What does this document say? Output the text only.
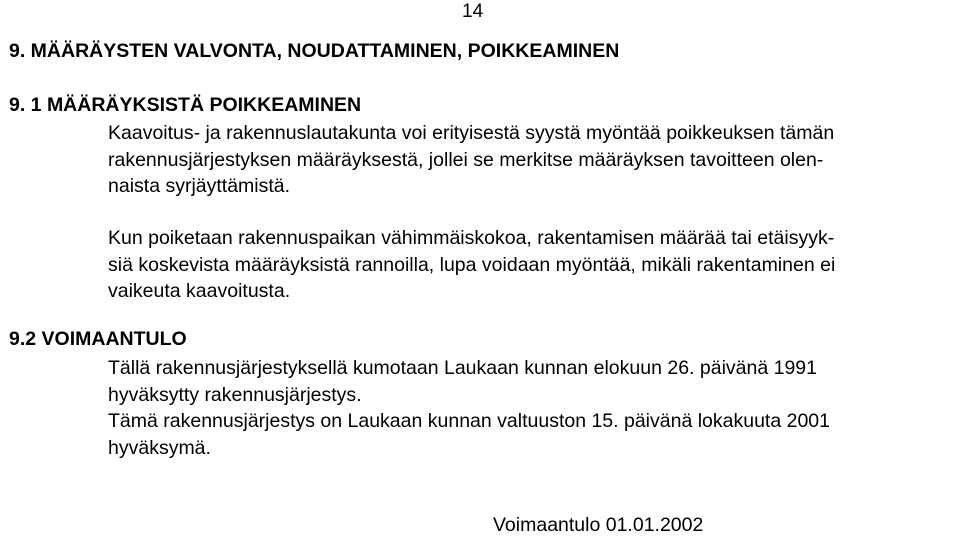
14
9. MÄÄRÄYSTEN VALVONTA, NOUDATTAMINEN, POIKKEAMINEN
9. 1 MÄÄRÄYKSISTÄ POIKKEAMINEN

Kaavoitus- ja rakennuslautakunta voi erityisestä syystä myöntää poikkeuksen tämän
rakennusjärjestyksen määräyksestä, jollei se merkitse määräyksen tavoitteen olen-
naista syrjäyttämistä.

Kun poiketaan rakennuspaikan vähimmäiskokoa, rakentamisen määrää tai etäisyyk-
siä koskevista määräyksistä rannoilla, lupa voidaan myöntää, mikäli rakentaminen ei
vaikeuta kaavoitusta.

9.2 VOIMAANTULO

Tällä rakennusjärjestyksellä kumotaan Laukaan kunnan elokuun 26. päivänä 1991
hyväksytty rakennusjärjestys.

Tämä rakennusjärjestys on Laukaan kunnan valtuuston 15. päivänä lokakuuta 2001
hyväksymä.

Voimaantulo 01.01.2002
